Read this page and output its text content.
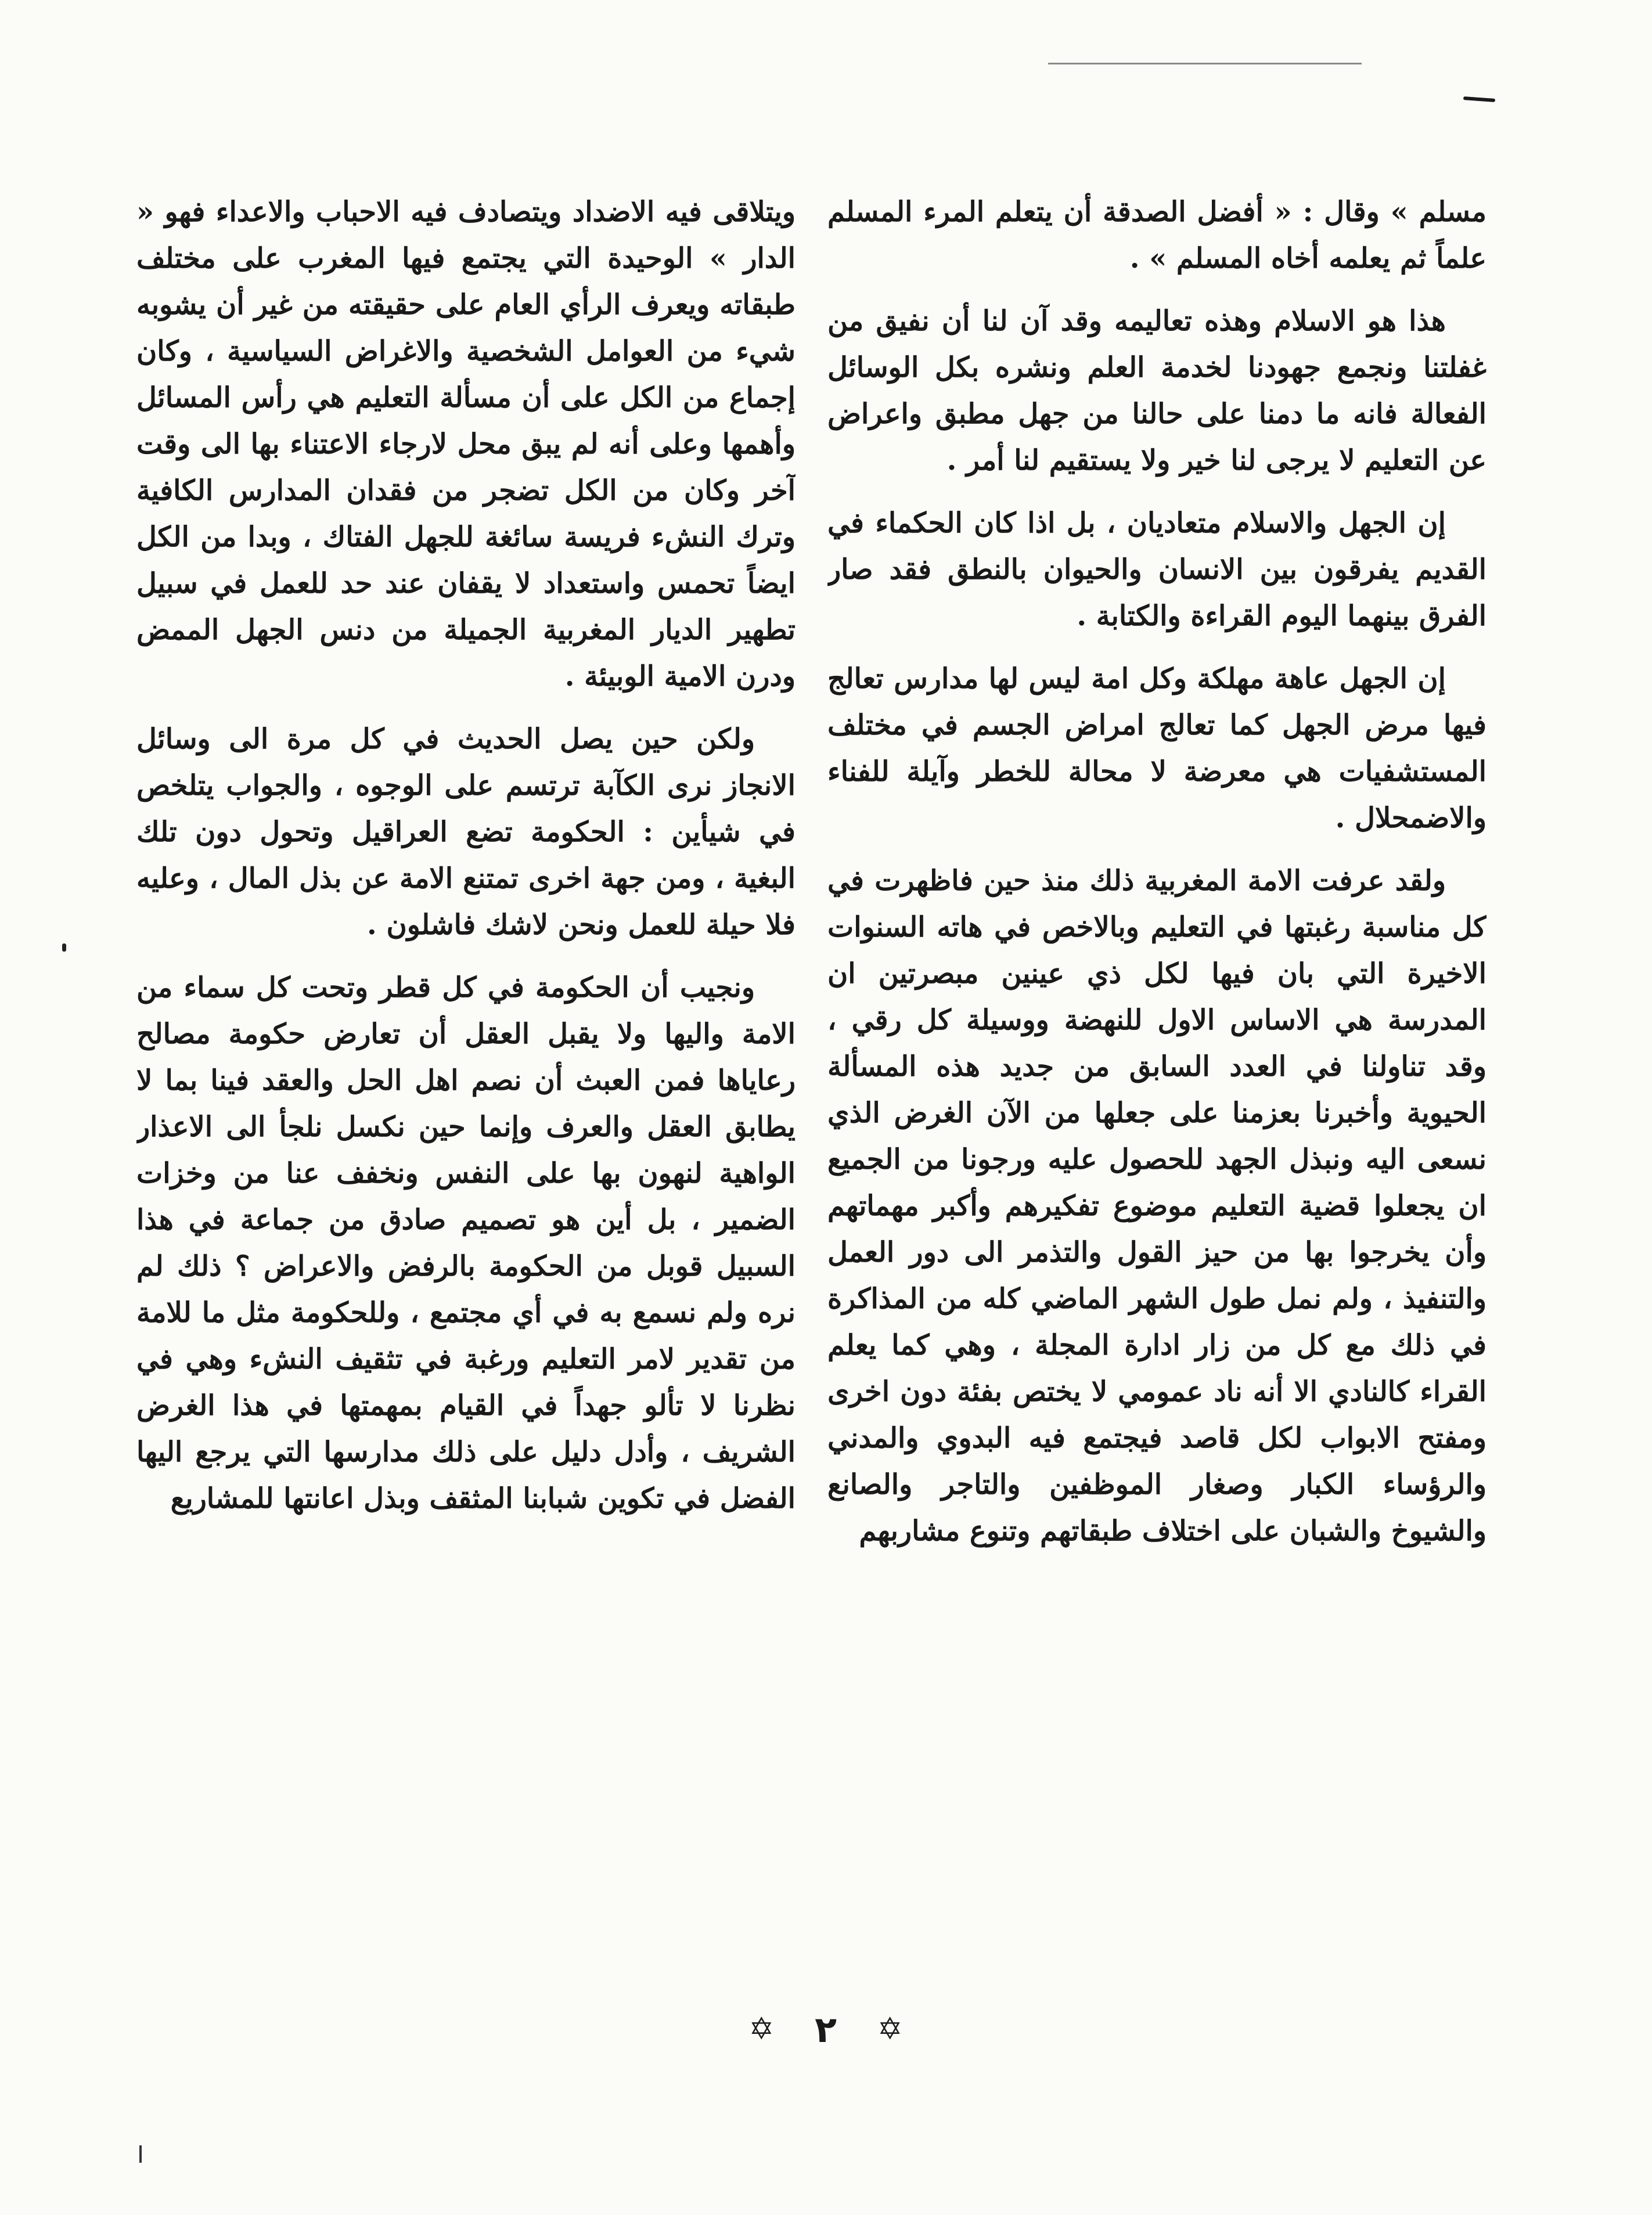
مسلم » وقال : « أفضل الصدقة أن يتعلم المرء المسلم علماً ثم يعلمه أخاه المسلم » .

هذا هو الاسلام وهذه تعاليمه وقد آن لنا أن نفيق من غفلتنا ونجمع جهودنا لخدمة العلم ونشره بكل الوسائل الفعالة فانه ما دمنا على حالنا من جهل مطبق واعراض عن التعليم لا يرجى لنا خير ولا يستقيم لنا أمر .

إن الجهل والاسلام متعاديان ، بل اذا كان الحكماء في القديم يفرقون بين الانسان والحيوان بالنطق فقد صار الفرق بينهما اليوم القراءة والكتابة .

إن الجهل عاهة مهلكة وكل امة ليس لها مدارس تعالج فيها مرض الجهل كما تعالج امراض الجسم في مختلف المستشفيات هي معرضة لا محالة للخطر وآيلة للفناء والاضمحلال .

ولقد عرفت الامة المغربية ذلك منذ حين فاظهرت في كل مناسبة رغبتها في التعليم وبالاخص في هاته السنوات الاخيرة التي بان فيها لكل ذي عينين مبصرتين ان المدرسة هي الاساس الاول للنهضة ووسيلة كل رقي ، وقد تناولنا في العدد السابق من جديد هذه المسألة الحيوية وأخبرنا بعزمنا على جعلها من الآن الغرض الذي نسعى اليه ونبذل الجهد للحصول عليه ورجونا من الجميع ان يجعلوا قضية التعليم موضوع تفكيرهم وأكبر مهماتهم وأن يخرجوا بها من حيز القول والتذمر الى دور العمل والتنفيذ ، ولم نمل طول الشهر الماضي كله من المذاكرة في ذلك مع كل من زار ادارة المجلة ، وهي كما يعلم القراء كالنادي الا أنه ناد عمومي لا يختص بفئة دون اخرى ومفتح الابواب لكل قاصد فيجتمع فيه البدوي والمدني والرؤساء الكبار وصغار الموظفين والتاجر والصانع والشيوخ والشبان على اختلاف طبقاتهم وتنوع مشاربهم

ويتلاقى فيه الاضداد ويتصادف فيه الاحباب والاعداء فهو « الدار » الوحيدة التي يجتمع فيها المغرب على مختلف طبقاته ويعرف الرأي العام على حقيقته من غير أن يشوبه شيء من العوامل الشخصية والاغراض السياسية ، وكان إجماع من الكل على أن مسألة التعليم هي رأس المسائل وأهمها وعلى أنه لم يبق محل لارجاء الاعتناء بها الى وقت آخر وكان من الكل تضجر من فقدان المدارس الكافية وترك النشء فريسة سائغة للجهل الفتاك ، وبدا من الكل ايضاً تحمس واستعداد لا يقفان عند حد للعمل في سبيل تطهير الديار المغربية الجميلة من دنس الجهل الممض ودرن الامية الوبيئة .

ولكن حين يصل الحديث في كل مرة الى وسائل الانجاز نرى الكآبة ترتسم على الوجوه ، والجواب يتلخص في شيأين : الحكومة تضع العراقيل وتحول دون تلك البغية ، ومن جهة اخرى تمتنع الامة عن بذل المال ، وعليه فلا حيلة للعمل ونحن لاشك فاشلون .

ونجيب أن الحكومة في كل قطر وتحت كل سماء من الامة واليها ولا يقبل العقل أن تعارض حكومة مصالح رعاياها فمن العبث أن نصم اهل الحل والعقد فينا بما لا يطابق العقل والعرف وإنما حين نكسل نلجأ الى الاعذار الواهية لنهون بها على النفس ونخفف عنا من وخزات الضمير ، بل أين هو تصميم صادق من جماعة في هذا السبيل قوبل من الحكومة بالرفض والاعراض ؟ ذلك لم نره ولم نسمع به في أي مجتمع ، وللحكومة مثل ما للامة من تقدير لامر التعليم ورغبة في تثقيف النشء وهي في نظرنا لا تألو جهداً في القيام بمهمتها في هذا الغرض الشريف ، وأدل دليل على ذلك مدارسها التي يرجع اليها الفضل في تكوين شبابنا المثقف وبذل اعانتها للمشاريع

✡ ٢ ✡
